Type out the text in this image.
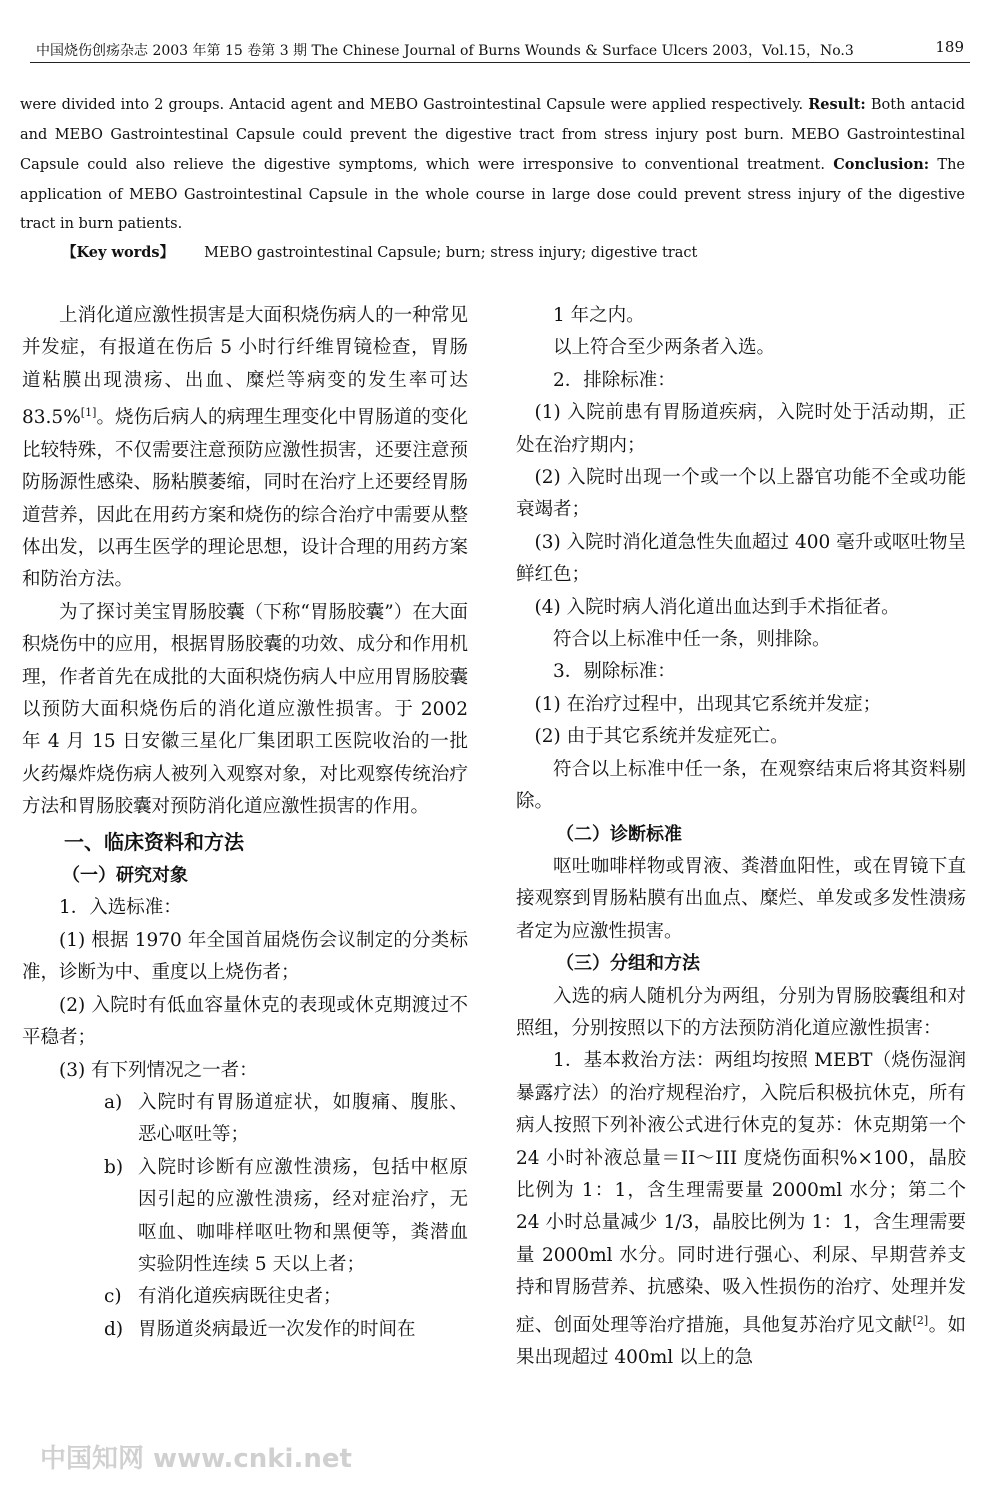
中国烧伤创疡杂志 2003 年第 15 卷第 3 期 The Chinese Journal of Burns Wounds & Surface Ulcers 2003，Vol.15，No.3	189
were divided into 2 groups. Antacid agent and MEBO Gastrointestinal Capsule were applied respectively. Result: Both antacid and MEBO Gastrointestinal Capsule could prevent the digestive tract from stress injury post burn. MEBO Gastrointestinal Capsule could also relieve the digestive symptoms, which were irresponsive to conventional treatment. Conclusion: The application of MEBO Gastrointestinal Capsule in the whole course in large dose could prevent stress injury of the digestive tract in burn patients.
【Key words】 MEBO gastrointestinal Capsule; burn; stress injury; digestive tract

上消化道应激性损害是大面积烧伤病人的一种常见并发症，有报道在伤后 5 小时行纤维胃镜检查，胃肠道粘膜出现溃疡、出血、糜烂等病变的发生率可达 83.5%[1]。烧伤后病人的病理生理变化中胃肠道的变化比较特殊，不仅需要注意预防应激性损害，还要注意预防肠源性感染、肠粘膜萎缩，同时在治疗上还要经胃肠道营养，因此在用药方案和烧伤的综合治疗中需要从整体出发，以再生医学的理论思想，设计合理的用药方案和防治方法。

为了探讨美宝胃肠胶囊（下称“胃肠胶囊”）在大面积烧伤中的应用，根据胃肠胶囊的功效、成分和作用机理，作者首先在成批的大面积烧伤病人中应用胃肠胶囊以预防大面积烧伤后的消化道应激性损害。于 2002 年 4 月 15 日安徽三星化厂集团职工医院收治的一批火药爆炸烧伤病人被列入观察对象，对比观察传统治疗方法和胃肠胶囊对预防消化道应激性损害的作用。

一、临床资料和方法

（一）研究对象

1．入选标准：

(1) 根据 1970 年全国首届烧伤会议制定的分类标准，诊断为中、重度以上烧伤者；

(2) 入院时有低血容量休克的表现或休克期渡过不平稳者；

(3) 有下列情况之一者：

a) 入院时有胃肠道症状，如腹痛、腹胀、恶心呕吐等；
b) 入院时诊断有应激性溃疡，包括中枢原因引起的应激性溃疡，经对症治疗，无呕血、咖啡样呕吐物和黑便等，粪潜血实验阴性连续 5 天以上者；
c) 有消化道疾病既往史者；
d) 胃肠道炎病最近一次发作的时间在

1 年之内。

以上符合至少两条者入选。

2．排除标准：

(1) 入院前患有胃肠道疾病，入院时处于活动期，正处在治疗期内；

(2) 入院时出现一个或一个以上器官功能不全或功能衰竭者；

(3) 入院时消化道急性失血超过 400 毫升或呕吐物呈鲜红色；

(4) 入院时病人消化道出血达到手术指征者。

符合以上标准中任一条，则排除。

3．剔除标准：

(1) 在治疗过程中，出现其它系统并发症；

(2) 由于其它系统并发症死亡。

符合以上标准中任一条，在观察结束后将其资料剔除。

（二）诊断标准

呕吐咖啡样物或胃液、粪潜血阳性，或在胃镜下直接观察到胃肠粘膜有出血点、糜烂、单发或多发性溃疡者定为应激性损害。

（三）分组和方法

入选的病人随机分为两组，分别为胃肠胶囊组和对照组，分别按照以下的方法预防消化道应激性损害：

1．基本救治方法：两组均按照 MEBT（烧伤湿润暴露疗法）的治疗规程治疗，入院后积极抗休克，所有病人按照下列补液公式进行休克的复苏：休克期第一个 24 小时补液总量＝II～III 度烧伤面积%×100，晶胶比例为 1：1，含生理需要量 2000ml 水分；第二个 24 小时总量减少 1/3，晶胶比例为 1：1，含生理需要量 2000ml 水分。同时进行强心、利尿、早期营养支持和胃肠营养、抗感染、吸入性损伤的治疗、处理并发症、创面处理等治疗措施，具他复苏治疗见文献[2]。如果出现超过 400ml 以上的急

中国知网 www.cnki.net
